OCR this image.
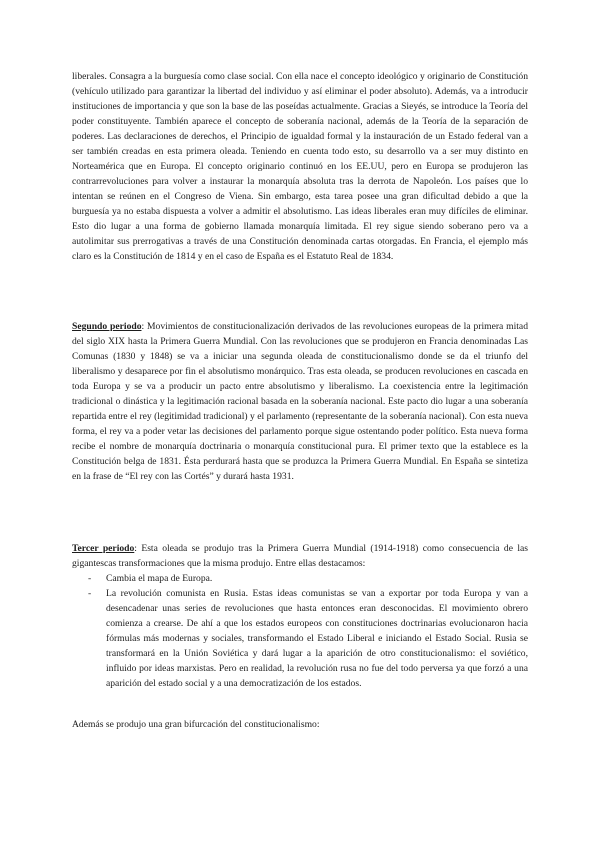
liberales. Consagra a la burguesía como clase social. Con ella nace el concepto ideológico y originario de Constitución (vehículo utilizado para garantizar la libertad del individuo y así eliminar el poder absoluto). Además, va a introducir instituciones de importancia y que son la base de las poseídas actualmente. Gracias a Sieyés, se introduce la Teoría del poder constituyente. También aparece el concepto de soberanía nacional, además de la Teoría de la separación de poderes. Las declaraciones de derechos, el Principio de igualdad formal y la instauración de un Estado federal van a ser también creadas en esta primera oleada. Teniendo en cuenta todo esto, su desarrollo va a ser muy distinto en Norteamérica que en Europa. El concepto originario continuó en los EE.UU, pero en Europa se produjeron las contrarrevoluciones para volver a instaurar la monarquía absoluta tras la derrota de Napoleón. Los países que lo intentan se reúnen en el Congreso de Viena. Sin embargo, esta tarea posee una gran dificultad debido a que la burguesía ya no estaba dispuesta a volver a admitir el absolutismo. Las ideas liberales eran muy difíciles de eliminar. Esto dio lugar a una forma de gobierno llamada monarquía limitada. El rey sigue siendo soberano pero va a autolimitar sus prerrogativas a través de una Constitución denominada cartas otorgadas. En Francia, el ejemplo más claro es la Constitución de 1814 y en el caso de España es el Estatuto Real de 1834.

Segundo periodo: Movimientos de constitucionalización derivados de las revoluciones europeas de la primera mitad del siglo XIX hasta la Primera Guerra Mundial. Con las revoluciones que se produjeron en Francia denominadas Las Comunas (1830 y 1848) se va a iniciar una segunda oleada de constitucionalismo donde se da el triunfo del liberalismo y desaparece por fin el absolutismo monárquico. Tras esta oleada, se producen revoluciones en cascada en toda Europa y se va a producir un pacto entre absolutismo y liberalismo. La coexistencia entre la legitimación tradicional o dinástica y la legitimación racional basada en la soberanía nacional. Este pacto dio lugar a una soberanía repartida entre el rey (legitimidad tradicional) y el parlamento (representante de la soberanía nacional). Con esta nueva forma, el rey va a poder vetar las decisiones del parlamento porque sigue ostentando poder político. Esta nueva forma recibe el nombre de monarquía doctrinaria o monarquía constitucional pura. El primer texto que la establece es la Constitución belga de 1831. Ésta perdurará hasta que se produzca la Primera Guerra Mundial. En España se sintetiza en la frase de “El rey con las Cortés” y durará hasta 1931.

Tercer periodo: Esta oleada se produjo tras la Primera Guerra Mundial (1914-1918) como consecuencia de las gigantescas transformaciones que la misma produjo. Entre ellas destacamos:

- Cambia el mapa de Europa.
- La revolución comunista en Rusia. Estas ideas comunistas se van a exportar por toda Europa y van a desencadenar unas series de revoluciones que hasta entonces eran desconocidas. El movimiento obrero comienza a crearse. De ahí a que los estados europeos con constituciones doctrinarias evolucionaron hacia fórmulas más modernas y sociales, transformando el Estado Liberal e iniciando el Estado Social. Rusia se transformará en la Unión Soviética y dará lugar a la aparición de otro constitucionalismo: el soviético, influido por ideas marxistas. Pero en realidad, la revolución rusa no fue del todo perversa ya que forzó a una aparición del estado social y a una democratización de los estados.

Además se produjo una gran bifurcación del constitucionalismo:
